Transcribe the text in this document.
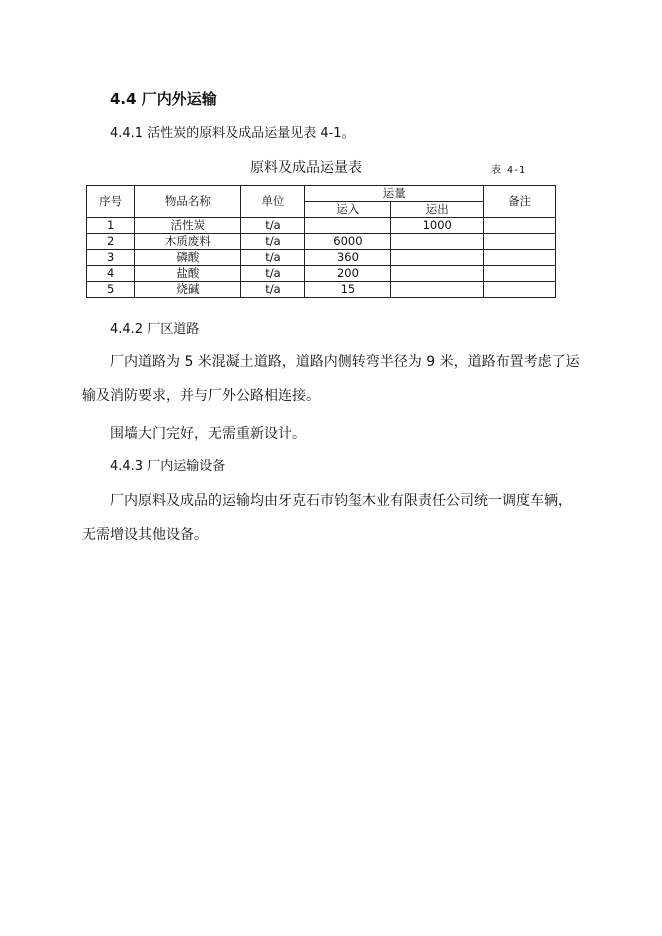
4.4 厂内外运输
4.4.1 活性炭的原料及成品运量见表 4-1。
原料及成品运量表	表 4-1
序号	物品名称	单位	运量		备注
			运入	运出	
1	活性炭	t/a		1000	
2	木质废料	t/a	6000		
3	磷酸	t/a	360		
4	盐酸	t/a	200		
5	烧碱	t/a	15		
4.4.2 厂区道路

厂内道路为 5 米混凝土道路，道路内侧转弯半径为 9 米，道路布置考虑了运输及消防要求，并与厂外公路相连接。

围墙大门完好，无需重新设计。

4.4.3 厂内运输设备

厂内原料及成品的运输均由牙克石市钧玺木业有限责任公司统一调度车辆，无需增设其他设备。
